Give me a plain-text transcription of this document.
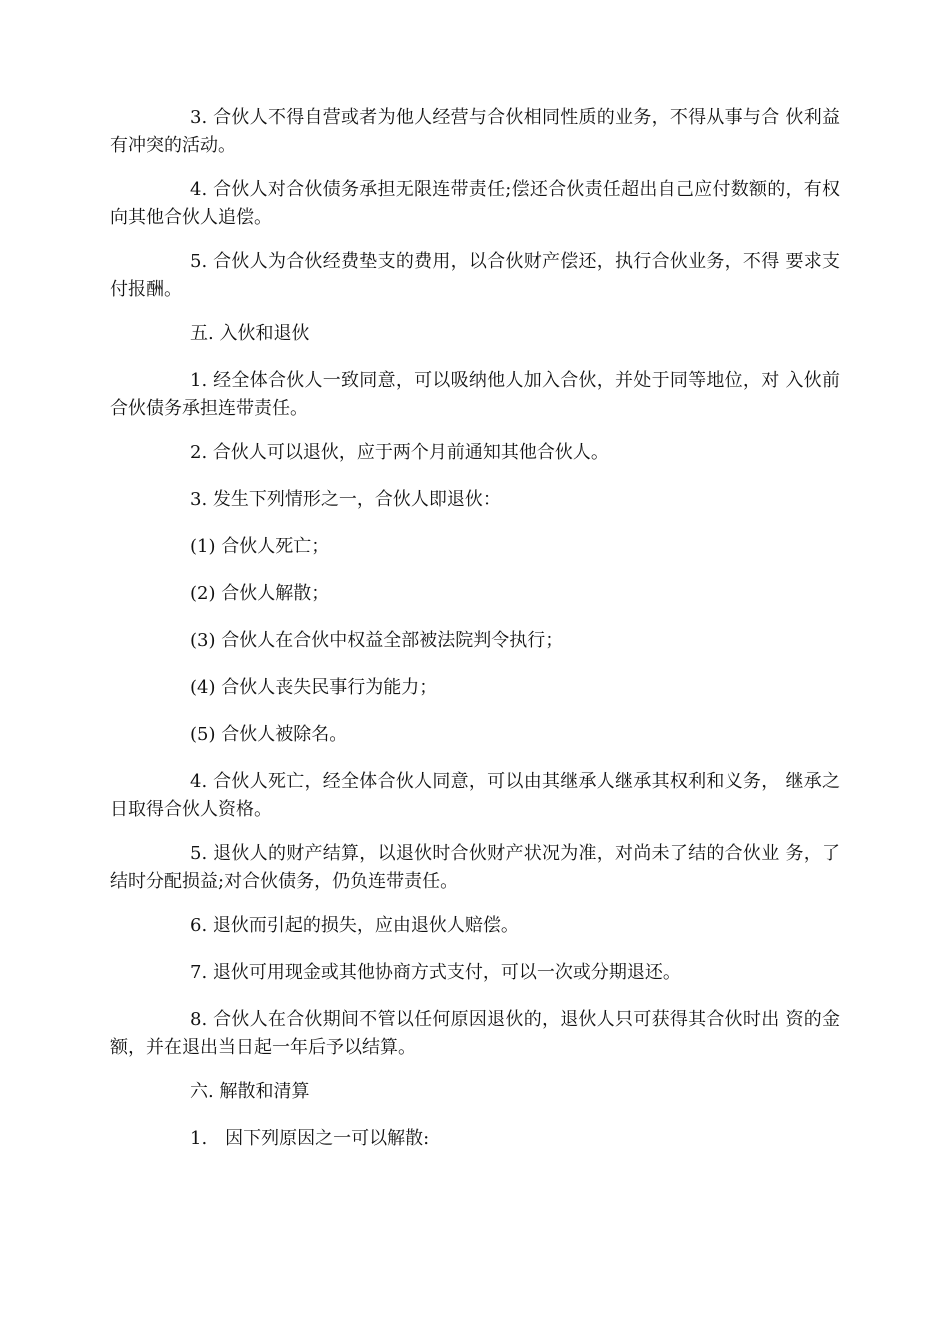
3. 合伙人不得自营或者为他人经营与合伙相同性质的业务，不得从事与合 伙利益有冲突的活动。

4. 合伙人对合伙债务承担无限连带责任;偿还合伙责任超出自己应付数额的，有权向其他合伙人追偿。

5. 合伙人为合伙经费垫支的费用，以合伙财产偿还，执行合伙业务，不得 要求支付报酬。

五. 入伙和退伙

1. 经全体合伙人一致同意，可以吸纳他人加入合伙，并处于同等地位，对 入伙前合伙债务承担连带责任。

2. 合伙人可以退伙，应于两个月前通知其他合伙人。

3. 发生下列情形之一，合伙人即退伙：

(1) 合伙人死亡；

(2) 合伙人解散；

(3) 合伙人在合伙中权益全部被法院判令执行；

(4) 合伙人丧失民事行为能力；

(5) 合伙人被除名。

4. 合伙人死亡，经全体合伙人同意，可以由其继承人继承其权利和义务， 继承之日取得合伙人资格。

5. 退伙人的财产结算，以退伙时合伙财产状况为准，对尚未了结的合伙业 务，了结时分配损益;对合伙债务，仍负连带责任。

6. 退伙而引起的损失，应由退伙人赔偿。

7. 退伙可用现金或其他协商方式支付，可以一次或分期退还。

8. 合伙人在合伙期间不管以任何原因退伙的，退伙人只可获得其合伙时出 资的金额，并在退出当日起一年后予以结算。

六. 解散和清算

1.　因下列原因之一可以解散:
